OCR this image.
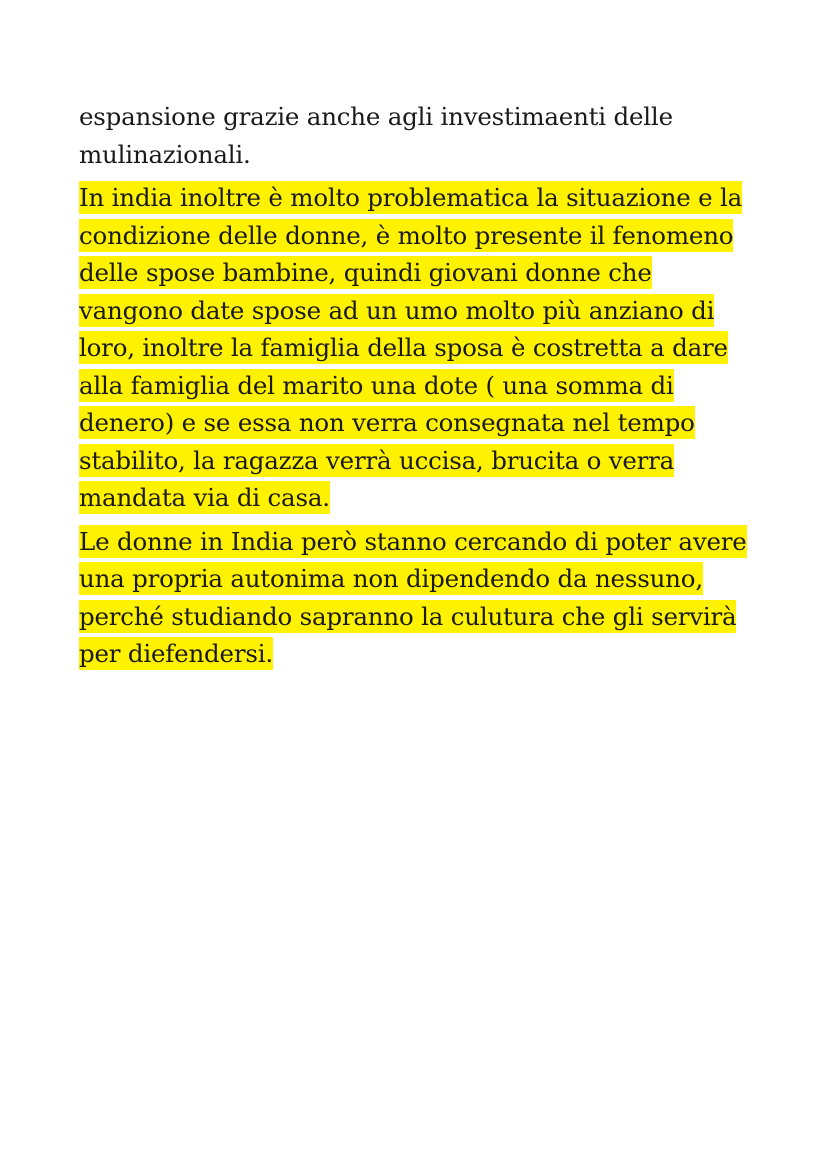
espansione grazie anche agli investimaenti delle
mulinazionali.

In india inoltre è molto problematica la situazione e la
condizione delle donne, è molto presente il fenomeno
delle spose bambine, quindi giovani donne che
vangono date spose ad un umo molto più anziano di
loro, inoltre la famiglia della sposa è costretta a dare
alla famiglia del marito una dote ( una somma di
denero) e se essa non verra consegnata nel tempo
stabilito, la ragazza verrà uccisa, brucita o verra
mandata via di casa.

Le donne in India però stanno cercando di poter avere
una propria autonima non dipendendo da nessuno,
perché studiando sapranno la culutura che gli servirà
per diefendersi.
